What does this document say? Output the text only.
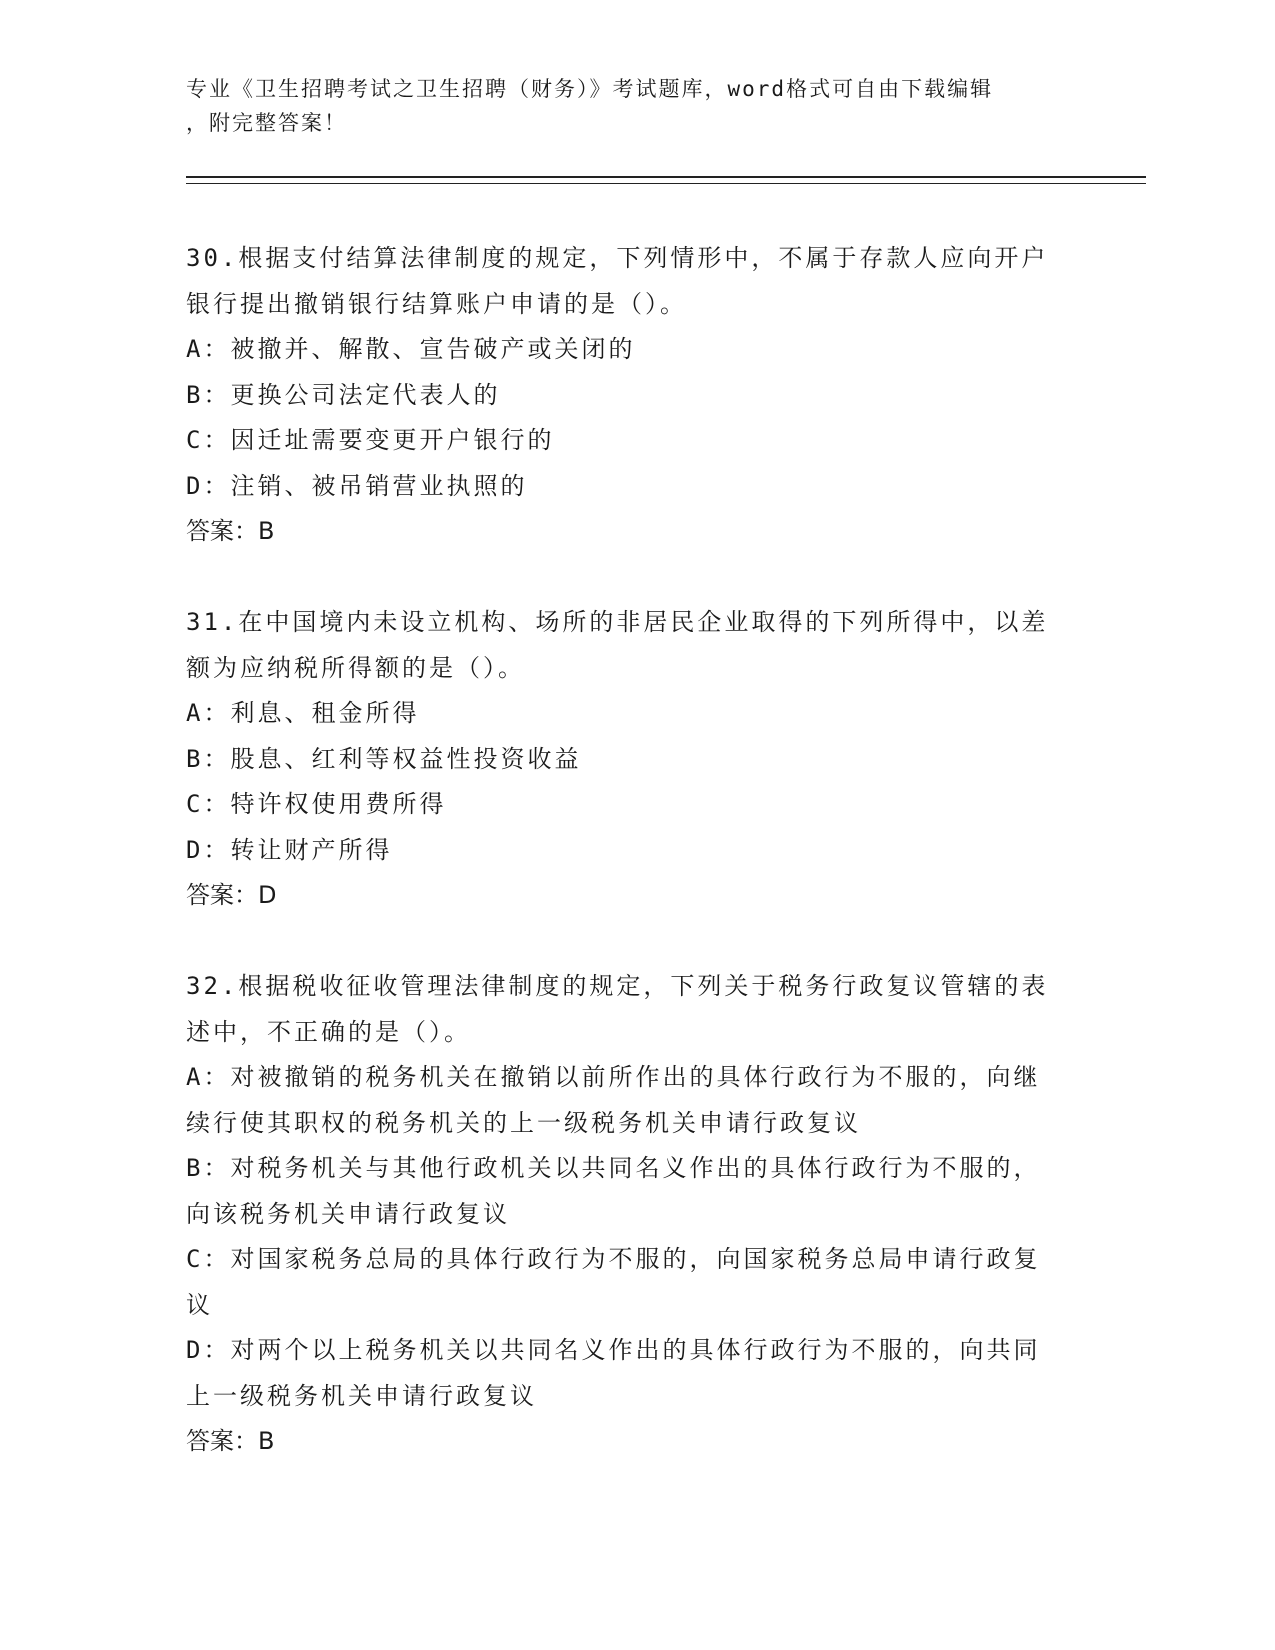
专业《卫生招聘考试之卫生招聘（财务）》考试题库，word格式可自由下载编辑
，附完整答案！
30.根据支付结算法律制度的规定，下列情形中，不属于存款人应向开户银行提出撤销银行结算账户申请的是（）。
A：被撤并、解散、宣告破产或关闭的
B：更换公司法定代表人的
C：因迁址需要变更开户银行的
D：注销、被吊销营业执照的
答案：B
31.在中国境内未设立机构、场所的非居民企业取得的下列所得中，以差额为应纳税所得额的是（）。
A：利息、租金所得
B：股息、红利等权益性投资收益
C：特许权使用费所得
D：转让财产所得
答案：D
32.根据税收征收管理法律制度的规定，下列关于税务行政复议管辖的表述中，不正确的是（）。
A：对被撤销的税务机关在撤销以前所作出的具体行政行为不服的，向继续行使其职权的税务机关的上一级税务机关申请行政复议
B：对税务机关与其他行政机关以共同名义作出的具体行政行为不服的，向该税务机关申请行政复议
C：对国家税务总局的具体行政行为不服的，向国家税务总局申请行政复议
D：对两个以上税务机关以共同名义作出的具体行政行为不服的，向共同上一级税务机关申请行政复议
答案：B
